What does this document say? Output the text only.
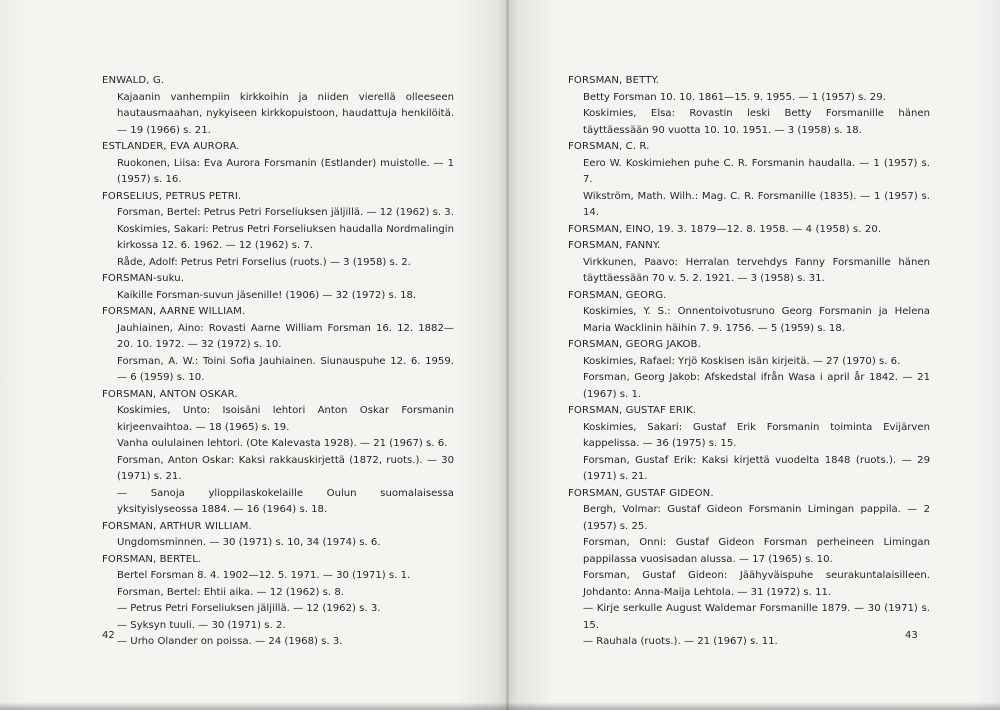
ENWALD, G.
Kajaanin vanhempiin kirkkoihin ja niiden vierellä olleeseen hautausmaahan, nykyiseen kirkkopuistoon, haudattuja henkilöitä. — 19 (1966) s. 21.
ESTLANDER, EVA AURORA.
Ruokonen, Liisa: Eva Aurora Forsmanin (Estlander) muistolle. — 1 (1957) s. 16.
FORSELIUS, PETRUS PETRI.
Forsman, Bertel: Petrus Petri Forseliuksen jäljillä. — 12 (1962) s. 3.
Koskimies, Sakari: Petrus Petri Forseliuksen haudalla Nordmalingin kirkossa 12. 6. 1962. — 12 (1962) s. 7.
Råde, Adolf: Petrus Petri Forselius (ruots.) — 3 (1958) s. 2.
FORSMAN-suku.
Kaikille Forsman-suvun jäsenille! (1906) — 32 (1972) s. 18.
FORSMAN, AARNE WILLIAM.
Jauhiainen, Aino: Rovasti Aarne William Forsman 16. 12. 1882—20. 10. 1972. — 32 (1972) s. 10.
Forsman, A. W.: Toini Sofia Jauhiainen. Siunauspuhe 12. 6. 1959. — 6 (1959) s. 10.
FORSMAN, ANTON OSKAR.
Koskimies, Unto: Isoisäni lehtori Anton Oskar Forsmanin kirjeenvaihtoa. — 18 (1965) s. 19.
Vanha oululainen lehtori. (Ote Kalevasta 1928). — 21 (1967) s. 6.
Forsman, Anton Oskar: Kaksi rakkauskirjettä (1872, ruots.). — 30 (1971) s. 21.
— Sanoja ylioppilaskokelaille Oulun suomalaisessa yksityislyseossa 1884. — 16 (1964) s. 18.
FORSMAN, ARTHUR WILLIAM.
Ungdomsminnen. — 30 (1971) s. 10, 34 (1974) s. 6.
FORSMAN, BERTEL.
Bertel Forsman 8. 4. 1902—12. 5. 1971. — 30 (1971) s. 1.
Forsman, Bertel: Ehtii aika. — 12 (1962) s. 8.
— Petrus Petri Forseliuksen jäljillä. — 12 (1962) s. 3.
— Syksyn tuuli. — 30 (1971) s. 2.
— Urho Olander on poissa. — 24 (1968) s. 3.
42
FORSMAN, BETTY.
Betty Forsman 10. 10. 1861—15. 9. 1955. — 1 (1957) s. 29.
Koskimies, Elsa: Rovastin leski Betty Forsmanille hänen täyttäessään 90 vuotta 10. 10. 1951. — 3 (1958) s. 18.
FORSMAN, C. R.
Eero W. Koskimiehen puhe C. R. Forsmanin haudalla. — 1 (1957) s. 7.
Wikström, Math. Wilh.: Mag. C. R. Forsmanille (1835). — 1 (1957) s. 14.
FORSMAN, EINO, 19. 3. 1879—12. 8. 1958. — 4 (1958) s. 20.
FORSMAN, FANNY.
Virkkunen, Paavo: Herralan tervehdys Fanny Forsmanille hänen täyttäessään 70 v. 5. 2. 1921. — 3 (1958) s. 31.
FORSMAN, GEORG.
Koskimies, Y. S.: Onnentoivotusruno Georg Forsmanin ja Helena Maria Wacklinin häihin 7. 9. 1756. — 5 (1959) s. 18.
FORSMAN, GEORG JAKOB.
Koskimies, Rafael: Yrjö Koskisen isän kirjeitä. — 27 (1970) s. 6.
Forsman, Georg Jakob: Afskedstal ifrån Wasa i april år 1842. — 21 (1967) s. 1.
FORSMAN, GUSTAF ERIK.
Koskimies, Sakari: Gustaf Erik Forsmanin toiminta Evijärven kappelissa. — 36 (1975) s. 15.
Forsman, Gustaf Erik: Kaksi kirjettä vuodelta 1848 (ruots.). — 29 (1971) s. 21.
FORSMAN, GUSTAF GIDEON.
Bergh, Volmar: Gustaf Gideon Forsmanin Limingan pappila. — 2 (1957) s. 25.
Forsman, Onni: Gustaf Gideon Forsman perheineen Limingan pappilassa vuosisadan alussa. — 17 (1965) s. 10.
Forsman, Gustaf Gideon: Jäähyväispuhe seurakuntalaisilleen. Johdanto: Anna-Maija Lehtola. — 31 (1972) s. 11.
— Kirje serkulle August Waldemar Forsmanille 1879. — 30 (1971) s. 15.
— Rauhala (ruots.). — 21 (1967) s. 11.
43
